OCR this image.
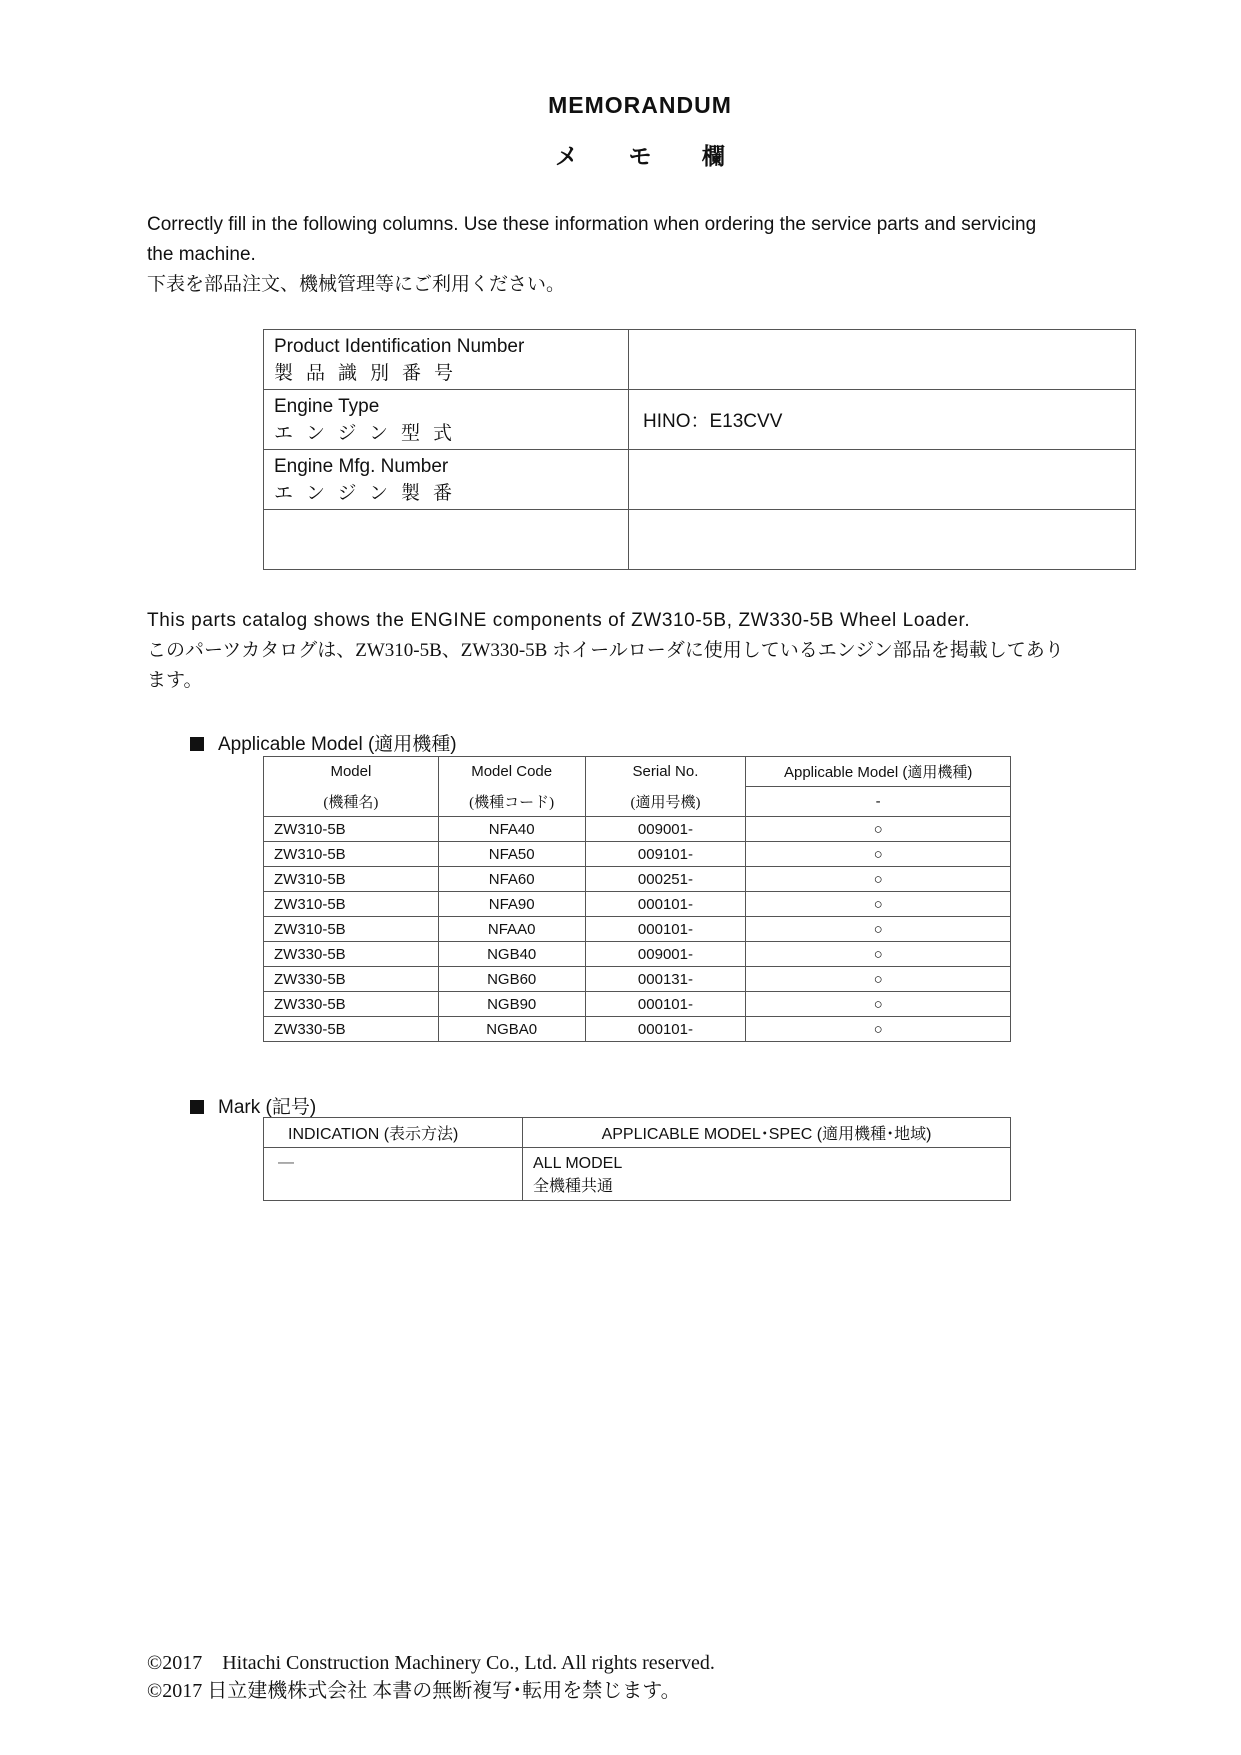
MEMORANDUM
メ モ 欄
Correctly fill in the following columns. Use these information when ordering the service parts and servicing
the machine.
下表を部品注文、機械管理等にご利用ください。
Product Identification Number
製品識別番号	

Engine Type
エンジン型式	HINO：E13CVV

Engine Mfg. Number
エンジン製番	

This parts catalog shows the ENGINE components of ZW310-5B, ZW330-5B Wheel Loader.
このパーツカタログは、ZW310-5B、ZW330-5B ホイールローダに使用しているエンジン部品を掲載してあり
ます。
Applicable Model (適用機種)
Model	Model Code	Serial No.	Applicable Model (適用機種)
(機種名)	(機種コード)	(適用号機)	-
ZW310-5B	NFA40	009001-	○
ZW310-5B	NFA50	009101-	○
ZW310-5B	NFA60	000251-	○
ZW310-5B	NFA90	000101-	○
ZW310-5B	NFAA0	000101-	○
ZW330-5B	NGB40	009001-	○
ZW330-5B	NGB60	000131-	○
ZW330-5B	NGB90	000101-	○
ZW330-5B	NGBA0	000101-	○
Mark (記号)
INDICATION (表示方法)	APPLICABLE MODEL･SPEC (適用機種･地域)
—	ALL MODEL
全機種共通
©2017　Hitachi Construction Machinery Co., Ltd. All rights reserved.
©2017 日立建機株式会社 本書の無断複写･転用を禁じます。
